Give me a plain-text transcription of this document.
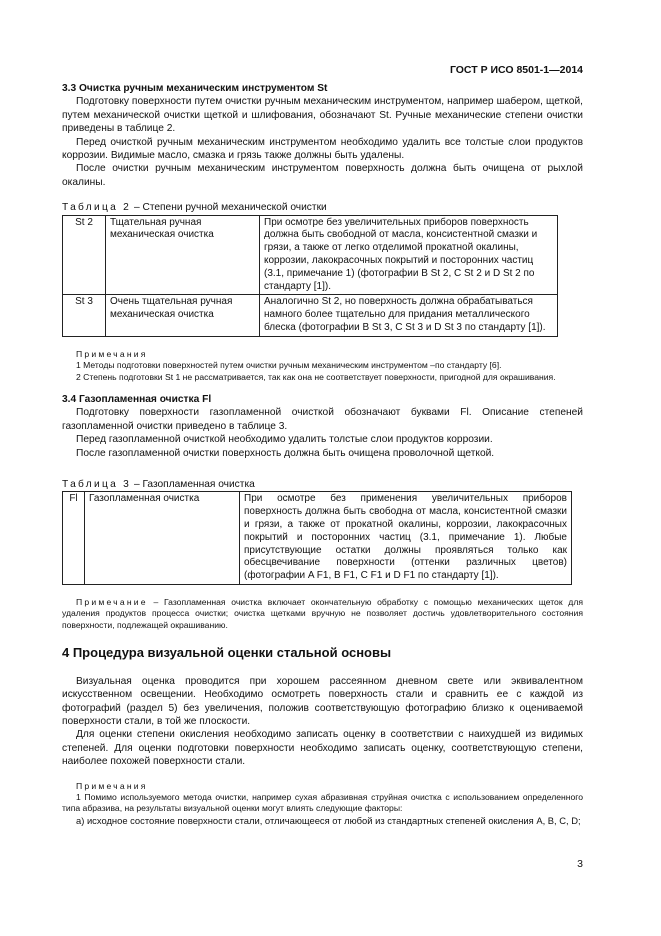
ГОСТ Р ИСО 8501-1—2014
3.3 Очистка ручным механическим инструментом St

Подготовку поверхности путем очистки ручным механическим инструментом, например шабером, щеткой, путем механической очистки щеткой и шлифования, обозначают St. Ручные механические степени очистки приведены в таблице 2.

Перед очисткой ручным механическим инструментом необходимо удалить все толстые слои продуктов коррозии. Видимые масло, смазка и грязь также должны быть удалены.

После очистки ручным механическим инструментом поверхность должна быть очищена от рыхлой окалины.

Таблица 2 – Степени ручной механической очистки
St 2	Тщательная ручная механическая очистка	При осмотре без увеличительных приборов поверхность должна быть свободной от масла, консистентной смазки и грязи, а также от легко отделимой прокатной окалины, коррозии, лакокрасочных покрытий и посторонних частиц (3.1, примечание 1) (фотографии B St 2, C St 2 и D St 2 по стандарту [1]).
St 3	Очень тщательная ручная механическая очистка	Аналогично St 2, но поверхность должна обрабатываться намного более тщательно для придания металлического блеска (фотографии B St 3, C St 3 и D St 3 по стандарту [1]).
Примечания

1 Методы подготовки поверхностей путем очистки ручным механическим инструментом –по стандарту [6].

2 Степень подготовки St 1 не рассматривается, так как она не соответствует поверхности, пригодной для окрашивания.

3.4 Газопламенная очистка Fl

Подготовку поверхности газопламенной очисткой обозначают буквами Fl. Описание степеней газопламенной очистки приведено в таблице 3.

Перед газопламенной очисткой необходимо удалить толстые слои продуктов коррозии.

После газопламенной очистки поверхность должна быть очищена проволочной щеткой.

Таблица 3 – Газопламенная очистка
Fl	Газопламенная очистка	При осмотре без применения увеличительных приборов поверхность должна быть свободна от масла, консистентной смазки и грязи, а также от прокатной окалины, коррозии, лакокрасочных покрытий и посторонних частиц (3.1, примечание 1). Любые присутствующие остатки должны проявляться только как обесцвечивание поверхности (оттенки различных цветов) (фотографии A F1, B F1, C F1 и D F1 по стандарту [1]).

Примечание – Газопламенная очистка включает окончательную обработку с помощью механических щеток для удаления продуктов процесса очистки; очистка щетками вручную не позволяет достичь удовлетворительного состояния поверхности, подлежащей окрашиванию.

4 Процедура визуальной оценки стальной основы

Визуальная оценка проводится при хорошем рассеянном дневном свете или эквивалентном искусственном освещении. Необходимо осмотреть поверхность стали и сравнить ее с каждой из фотографий (раздел 5) без увеличения, положив соответствующую фотографию близко к оцениваемой поверхности стали, в той же плоскости.

Для оценки степени окисления необходимо записать оценку в соответствии с наихудшей из видимых степеней. Для оценки подготовки поверхности необходимо записать оценку, соответствующую степени, наиболее похожей поверхности стали.

Примечания

1 Помимо используемого метода очистки, например сухая абразивная струйная очистка с использованием определенного типа абразива, на результаты визуальной оценки могут влиять следующие факторы:

а) исходное состояние поверхности стали, отличающееся от любой из стандартных степеней окисления A, B, C, D;

3
